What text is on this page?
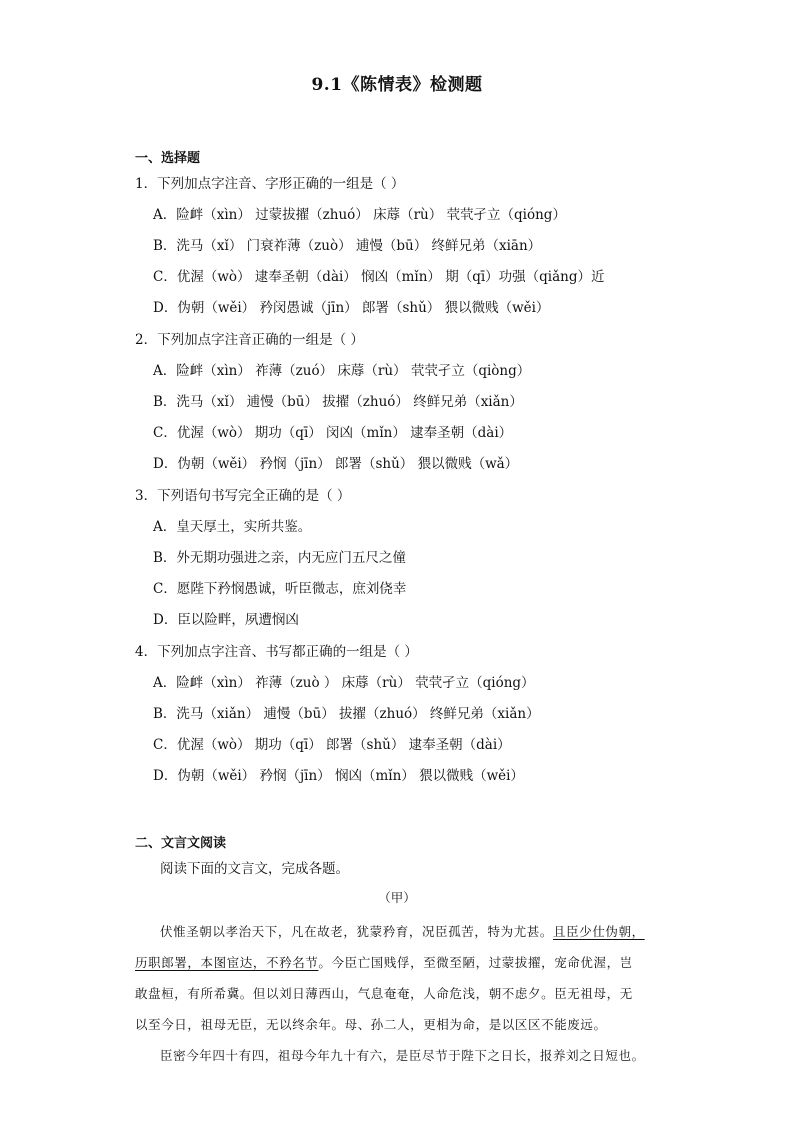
9.1《陈情表》检测题
一、选择题
1．下列加点字注音、字形正确的一组是（ ）
A．险衅（xìn） 过蒙拔擢（zhuó） 床蓐（rù） 茕茕孑立（qióng）
B．洗马（xǐ） 门衰祚薄（zuò） 逋慢（bū） 终鲜兄弟（xiān）
C．优渥（wò） 逮奉圣朝（dài） 悯凶（mǐn） 期（qī）功强（qiǎng）近
D．伪朝（wěi） 矜闵愚诚（jīn） 郎署（shǔ） 猥以微贱（wěi）
2．下列加点字注音正确的一组是（ ）
A．险衅（xìn） 祚薄（zuó） 床蓐（rù） 茕茕孑立（qiòng）
B．洗马（xǐ） 逋慢（bū） 拔擢（zhuó） 终鲜兄弟（xiǎn）
C．优渥（wò） 期功（qī） 闵凶（mǐn） 逮奉圣朝（dài）
D．伪朝（wěi） 矜悯（jīn） 郎署（shǔ） 猥以微贱（wǎ）
3．下列语句书写完全正确的是（ ）
A．皇天厚土，实所共鉴。
B．外无期功强进之亲，内无应门五尺之僮
C．愿陛下矜悯愚诚，听臣微志，庶刘侥幸
D．臣以险畔，夙遭悯凶
4．下列加点字注音、书写都正确的一组是（ ）
A．险衅（xìn） 祚薄（zuò ） 床蓐（rù） 茕茕孑立（qióng）
B．洗马（xiǎn） 逋慢（bū） 拔擢（zhuó） 终鲜兄弟（xiǎn）
C．优渥（wò） 期功（qī） 郎署（shǔ） 逮奉圣朝（dài）
D．伪朝（wěi） 矜悯（jīn） 悯凶（mǐn） 猥以微贱（wěi）
二、文言文阅读
阅读下面的文言文，完成各题。
（甲）
伏惟圣朝以孝治天下，凡在故老，犹蒙矜育，况臣孤苦，特为尤甚。且臣少仕伪朝，
历职郎署，本图宦达，不矜名节。今臣亡国贱俘，至微至陋，过蒙拔擢，宠命优渥，岂
敢盘桓，有所希冀。但以刘日薄西山，气息奄奄，人命危浅，朝不虑夕。臣无祖母，无
以至今日，祖母无臣，无以终余年。母、孙二人，更相为命，是以区区不能废远。
臣密今年四十有四，祖母今年九十有六，是臣尽节于陛下之日长，报养刘之日短也。
